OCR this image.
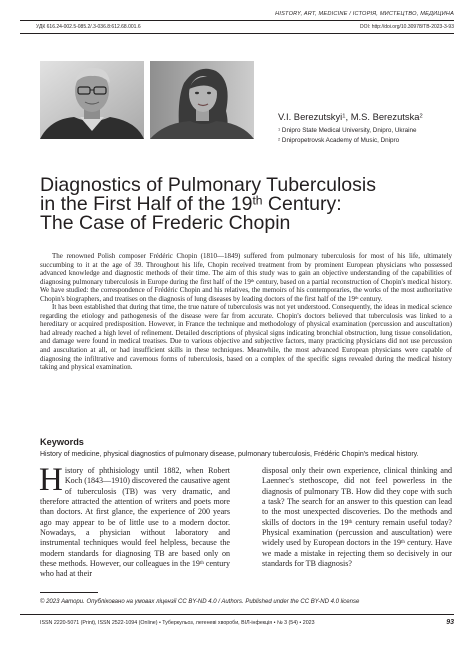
HISTORY, ART, MEDICINE / ІСТОРІЯ, МИСТЕЦТВО, МЕДИЦИНА
УДК 616.24-002.5-085.2/.3-036.8:612.68.001.6	DOI: http://doi.org/10.30978/TB-2023-3-93
V.I. Berezutskyi$^1$, M.S. Berezutska$^2$
$^1$ Dnipro State Medical University, Dnipro, Ukraine
$^2$ Dnipropetrovsk Academy of Music, Dnipro
Diagnostics of Pulmonary Tuberculosis
in the First Half of the 19th Century:
The Case of Frederic Chopin

The renowned Polish composer Frédéric Chopin (1810—1849) suffered from pulmonary tuberculosis for most of his life, ultimately succumbing to it at the age of 39. Throughout his life, Chopin received treatment from by prominent European physicians who possessed advanced knowledge and diagnostic methods of their time. The aim of this study was to gain an objective understanding of the capabilities of diagnosing pulmonary tuberculosis in Europe during the first half of the 19th century, based on a partial reconstruction of Chopin's medical history. We have studied: the correspondence of Frédéric Chopin and his relatives, the memoirs of his contemporaries, the works of the most authoritative Chopin's biographers, and treatises on the diagnosis of lung diseases by leading doctors of the first half of the 19th century.

It has been established that during that time, the true nature of tuberculosis was not yet understood. Consequently, the ideas in medical science regarding the etiology and pathogenesis of the disease were far from accurate. Chopin's doctors believed that tuberculosis was linked to a hereditary or acquired predisposition. However, in France the technique and methodology of physical examination (percussion and auscultation) had already reached a high level of refinement. Detailed descriptions of physical signs indicating bronchial obstruction, lung tissue consolidation, and damage were found in medical treatises. Due to various objective and subjective factors, many practicing physicians did not use percussion and auscultation at all, or had insufficient skills in these techniques. Meanwhile, the most advanced European physicians were capable of diagnosing the infiltrative and cavernous forms of tuberculosis, based on a complex of the specific signs revealed during the medical history taking and physical examination.

Keywords
History of medicine, physical diagnostics of pulmonary disease, pulmonary tuberculosis, Frédéric Chopin's medical history.

History of phthisiology until 1882, when Robert Koch (1843—1910) discovered the causative agent of tuberculosis (TB) was very dramatic, and therefore attracted the attention of writers and poets more than doctors. At first glance, the experience of 200 years ago may appear to be of little use to a modern doctor. Nowadays, a physician without laboratory and instrumental techniques would feel helpless, because the modern standards for diagnosing TB are based only on these methods. However, our colleagues in the 19th century who had at their

disposal only their own experience, clinical thinking and Laennec's stethoscope, did not feel powerless in the diagnosis of pulmonary TB. How did they cope with such a task? The search for an answer to this question can lead to the most unexpected discoveries. Do the methods and skills of doctors in the 19th century remain useful today? Physical examination (percussion and auscultation) were widely used by European doctors in the 19th century. Have we made a mistake in rejecting them so decisively in our standards for TB diagnosis?

© 2023 Автори. Опубліковано на умовах ліцензії CC BY-ND 4.0 / Authors. Published under the CC BY-ND 4.0 license
ISSN 2220-5071 (Print), ISSN 2522-1094 (Online) • Туберкульоз, легеневі хвороби, ВІЛ-інфекція • № 3 (54) • 2023	93
